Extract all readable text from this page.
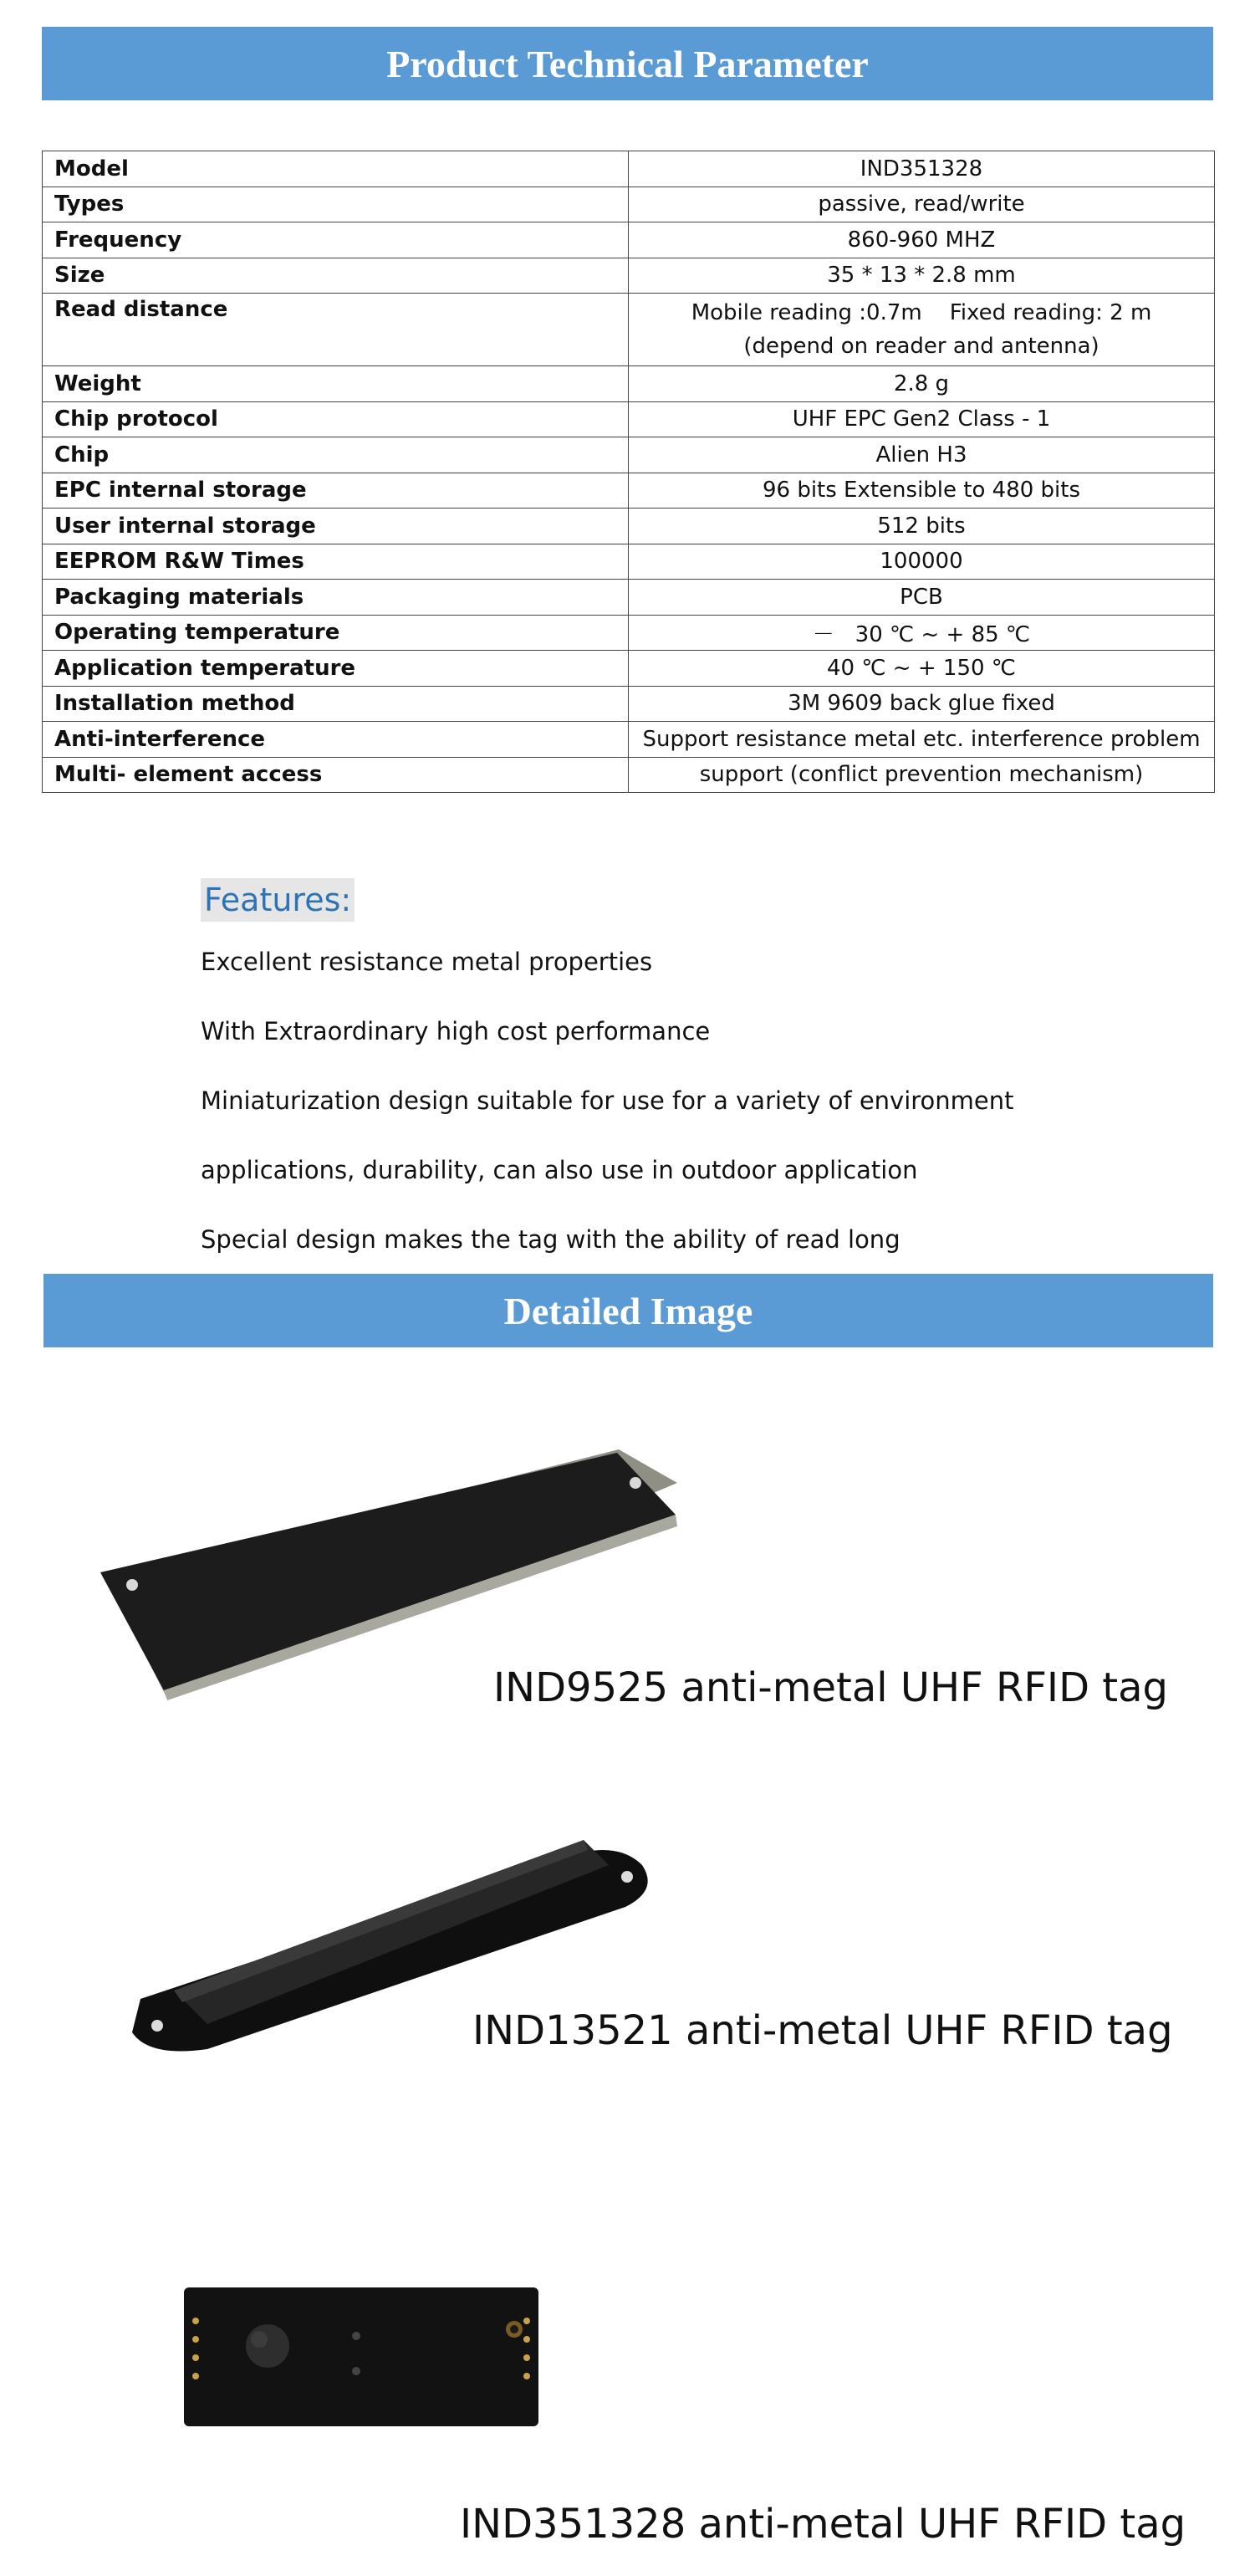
Product Technical Parameter
Model	IND351328
Types	passive, read/write
Frequency	860-960 MHZ
Size	35 * 13 * 2.8 mm
Read distance	Mobile reading :0.7m    Fixed reading: 2 m
(depend on reader and antenna)

Weight	2.8 g
Chip protocol	UHF EPC Gen2 Class - 1
Chip	Alien H3
EPC internal storage	96 bits Extensible to 480 bits
User internal storage	512 bits
EEPROM R&W Times	100000
Packaging materials	PCB
Operating temperature	－   30 ℃ ~ + 85 ℃
Application temperature	40 ℃ ~ + 150 ℃
Installation method	3M 9609 back glue fixed
Anti-interference	Support resistance metal etc. interference problem
Multi- element access	support (conflict prevention mechanism)
Features:
Excellent resistance metal properties
With Extraordinary high cost performance
Miniaturization design suitable for use for a variety of environment
applications, durability, can also use in outdoor application
Special design makes the tag with the ability of read long
Detailed Image
IND9525 anti-metal UHF RFID tag
IND13521 anti-metal UHF RFID tag
IND351328 anti-metal UHF RFID tag
